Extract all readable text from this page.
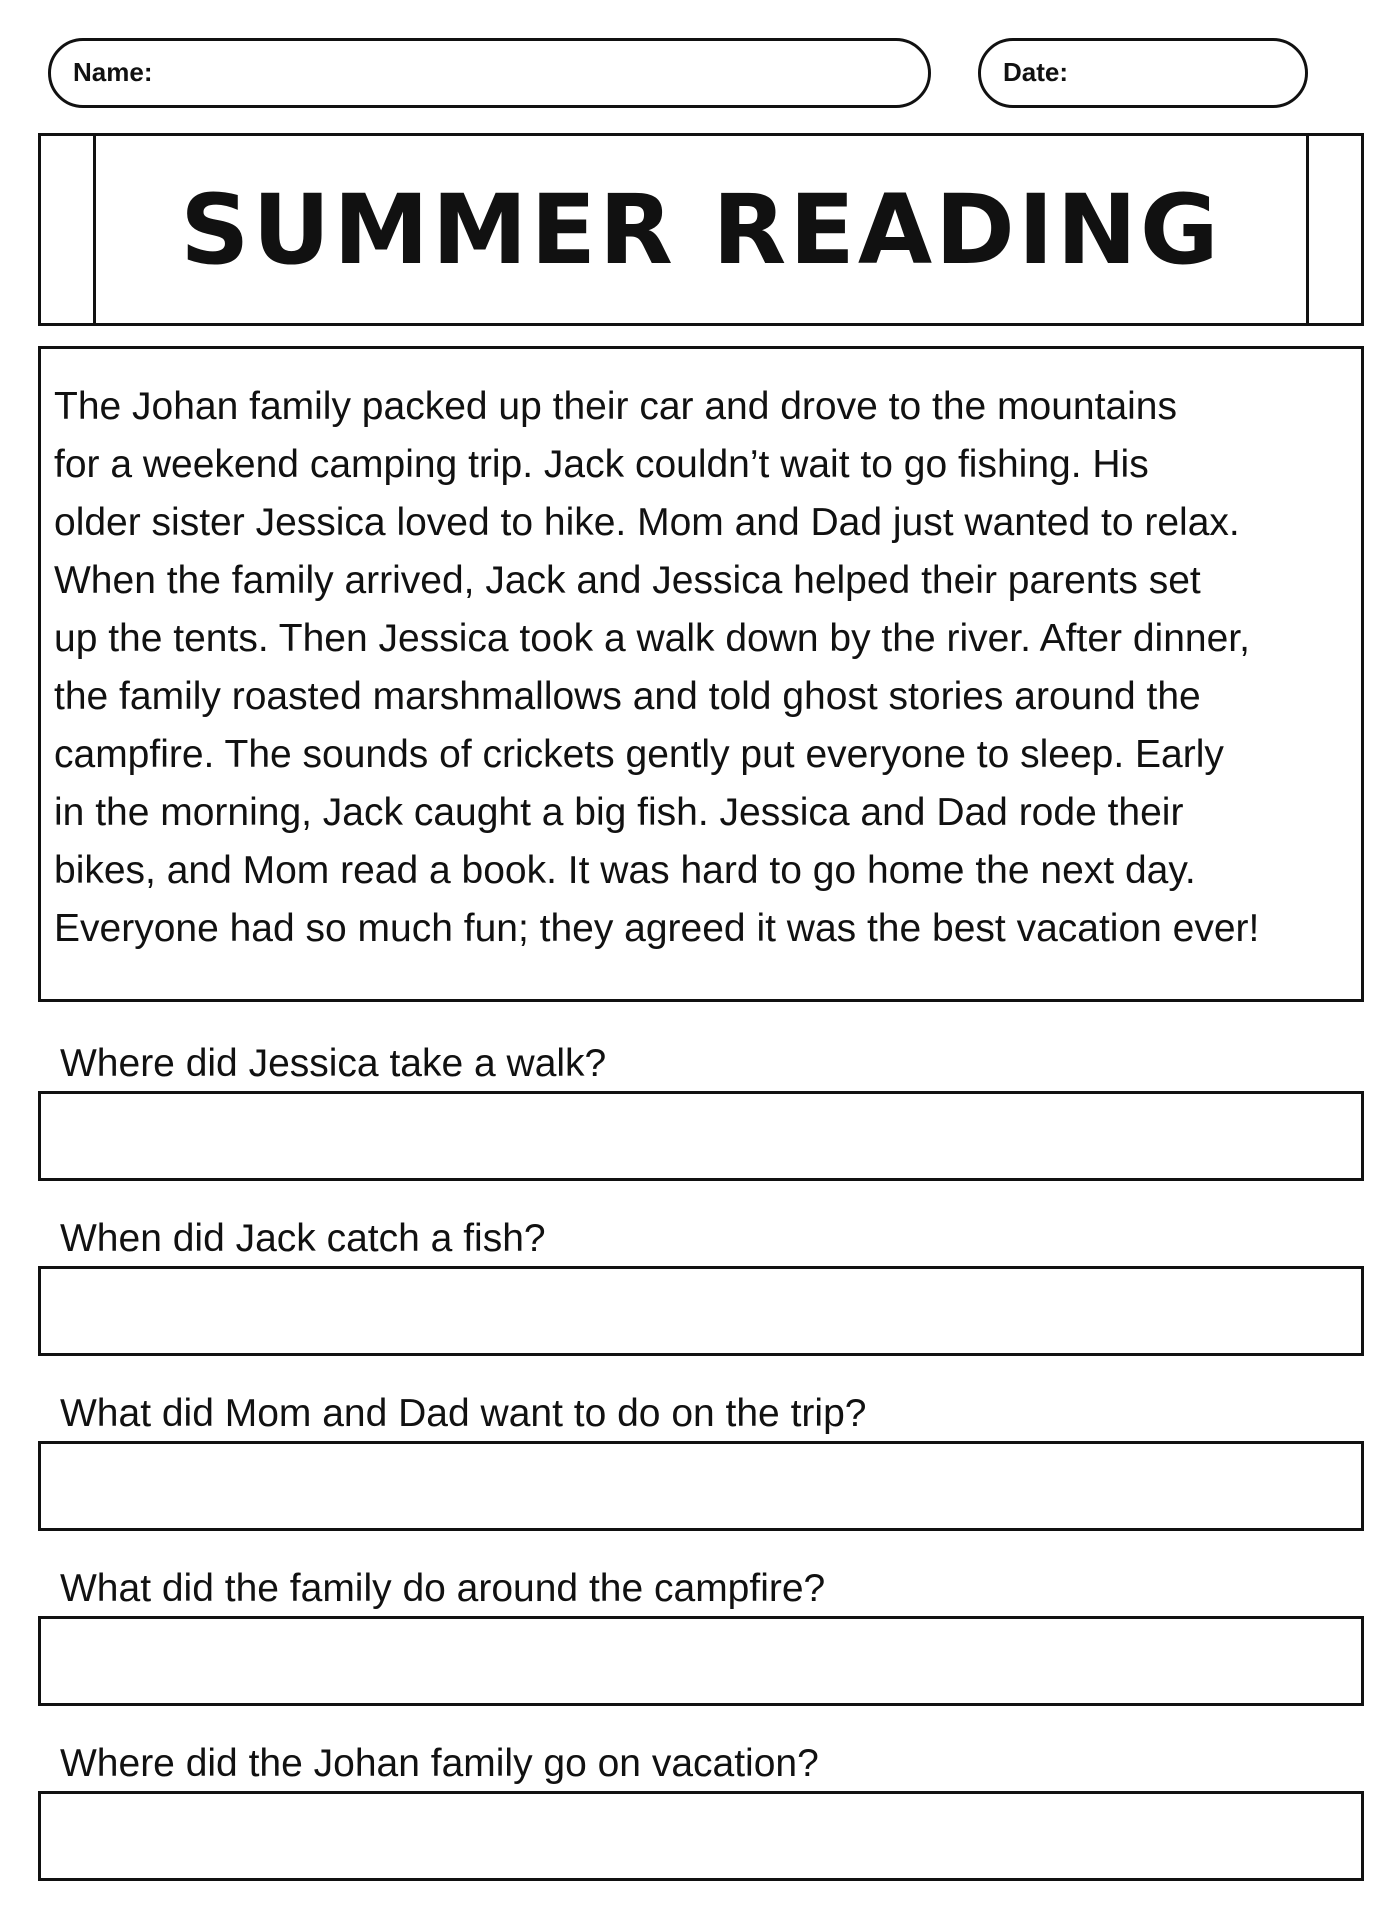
Name:	Date:
SUMMER READING
The Johan family packed up their car and drove to the mountains
for a weekend camping trip. Jack couldn’t wait to go fishing. His
older sister Jessica loved to hike. Mom and Dad just wanted to relax.
When the family arrived, Jack and Jessica helped their parents set
up the tents. Then Jessica took a walk down by the river. After dinner,
the family roasted marshmallows and told ghost stories around the
campfire. The sounds of crickets gently put everyone to sleep. Early
in the morning, Jack caught a big fish. Jessica and Dad rode their
bikes, and Mom read a book. It was hard to go home the next day.
Everyone had so much fun; they agreed it was the best vacation ever!
Where did Jessica take a walk?
When did Jack catch a fish?
What did Mom and Dad want to do on the trip?
What did the family do around the campfire?
Where did the Johan family go on vacation?
